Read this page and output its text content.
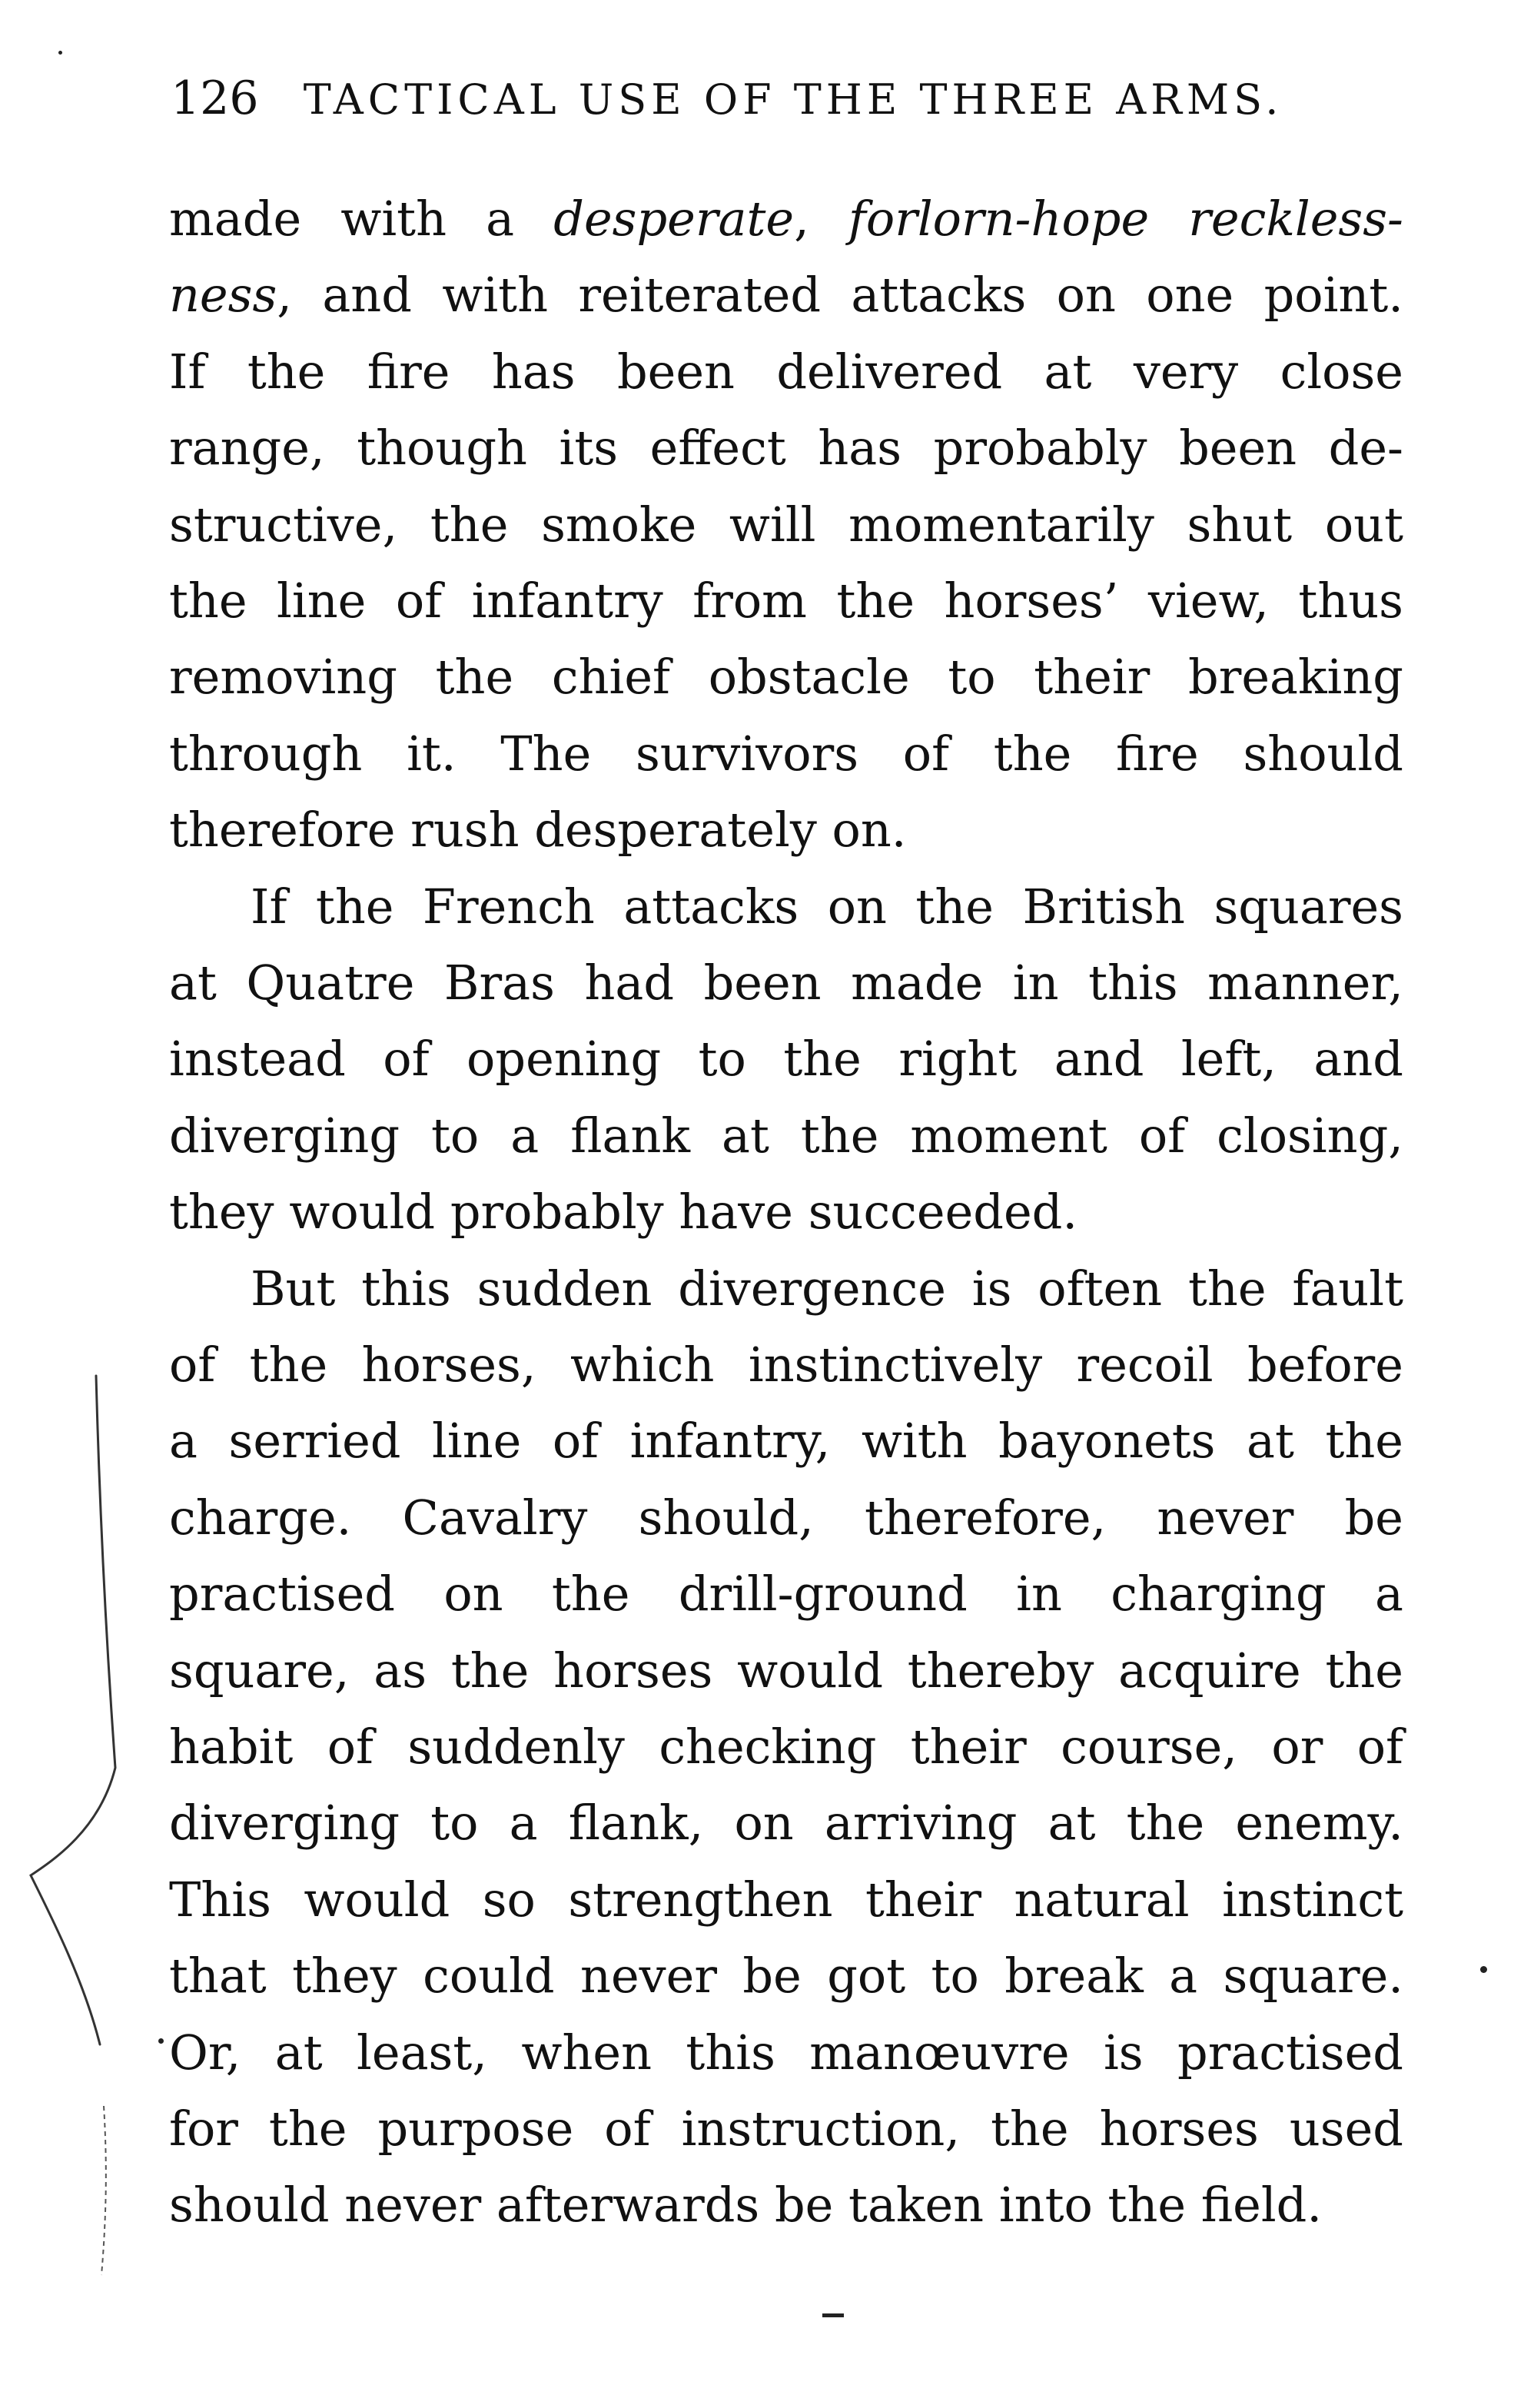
126 TACTICAL USE OF THE THREE ARMS.
made with a desperate, forlorn-hope reckless-
ness, and with reiterated attacks on one point.
If the fire has been delivered at very close
range, though its effect has probably been de-
structive, the smoke will momentarily shut out
the line of infantry from the horses’ view, thus
removing the chief obstacle to their breaking
through it. The survivors of the fire should
therefore rush desperately on.
If the French attacks on the British squares
at Quatre Bras had been made in this manner,
instead of opening to the right and left, and
diverging to a flank at the moment of closing,
they would probably have succeeded.
But this sudden divergence is often the fault
of the horses, which instinctively recoil before
a serried line of infantry, with bayonets at the
charge. Cavalry should, therefore, never be
practised on the drill-ground in charging a
square, as the horses would thereby acquire the
habit of suddenly checking their course, or of
diverging to a flank, on arriving at the enemy.
This would so strengthen their natural instinct
that they could never be got to break a square.
Or, at least, when this manœuvre is practised
for the purpose of instruction, the horses used
should never afterwards be taken into the field.
